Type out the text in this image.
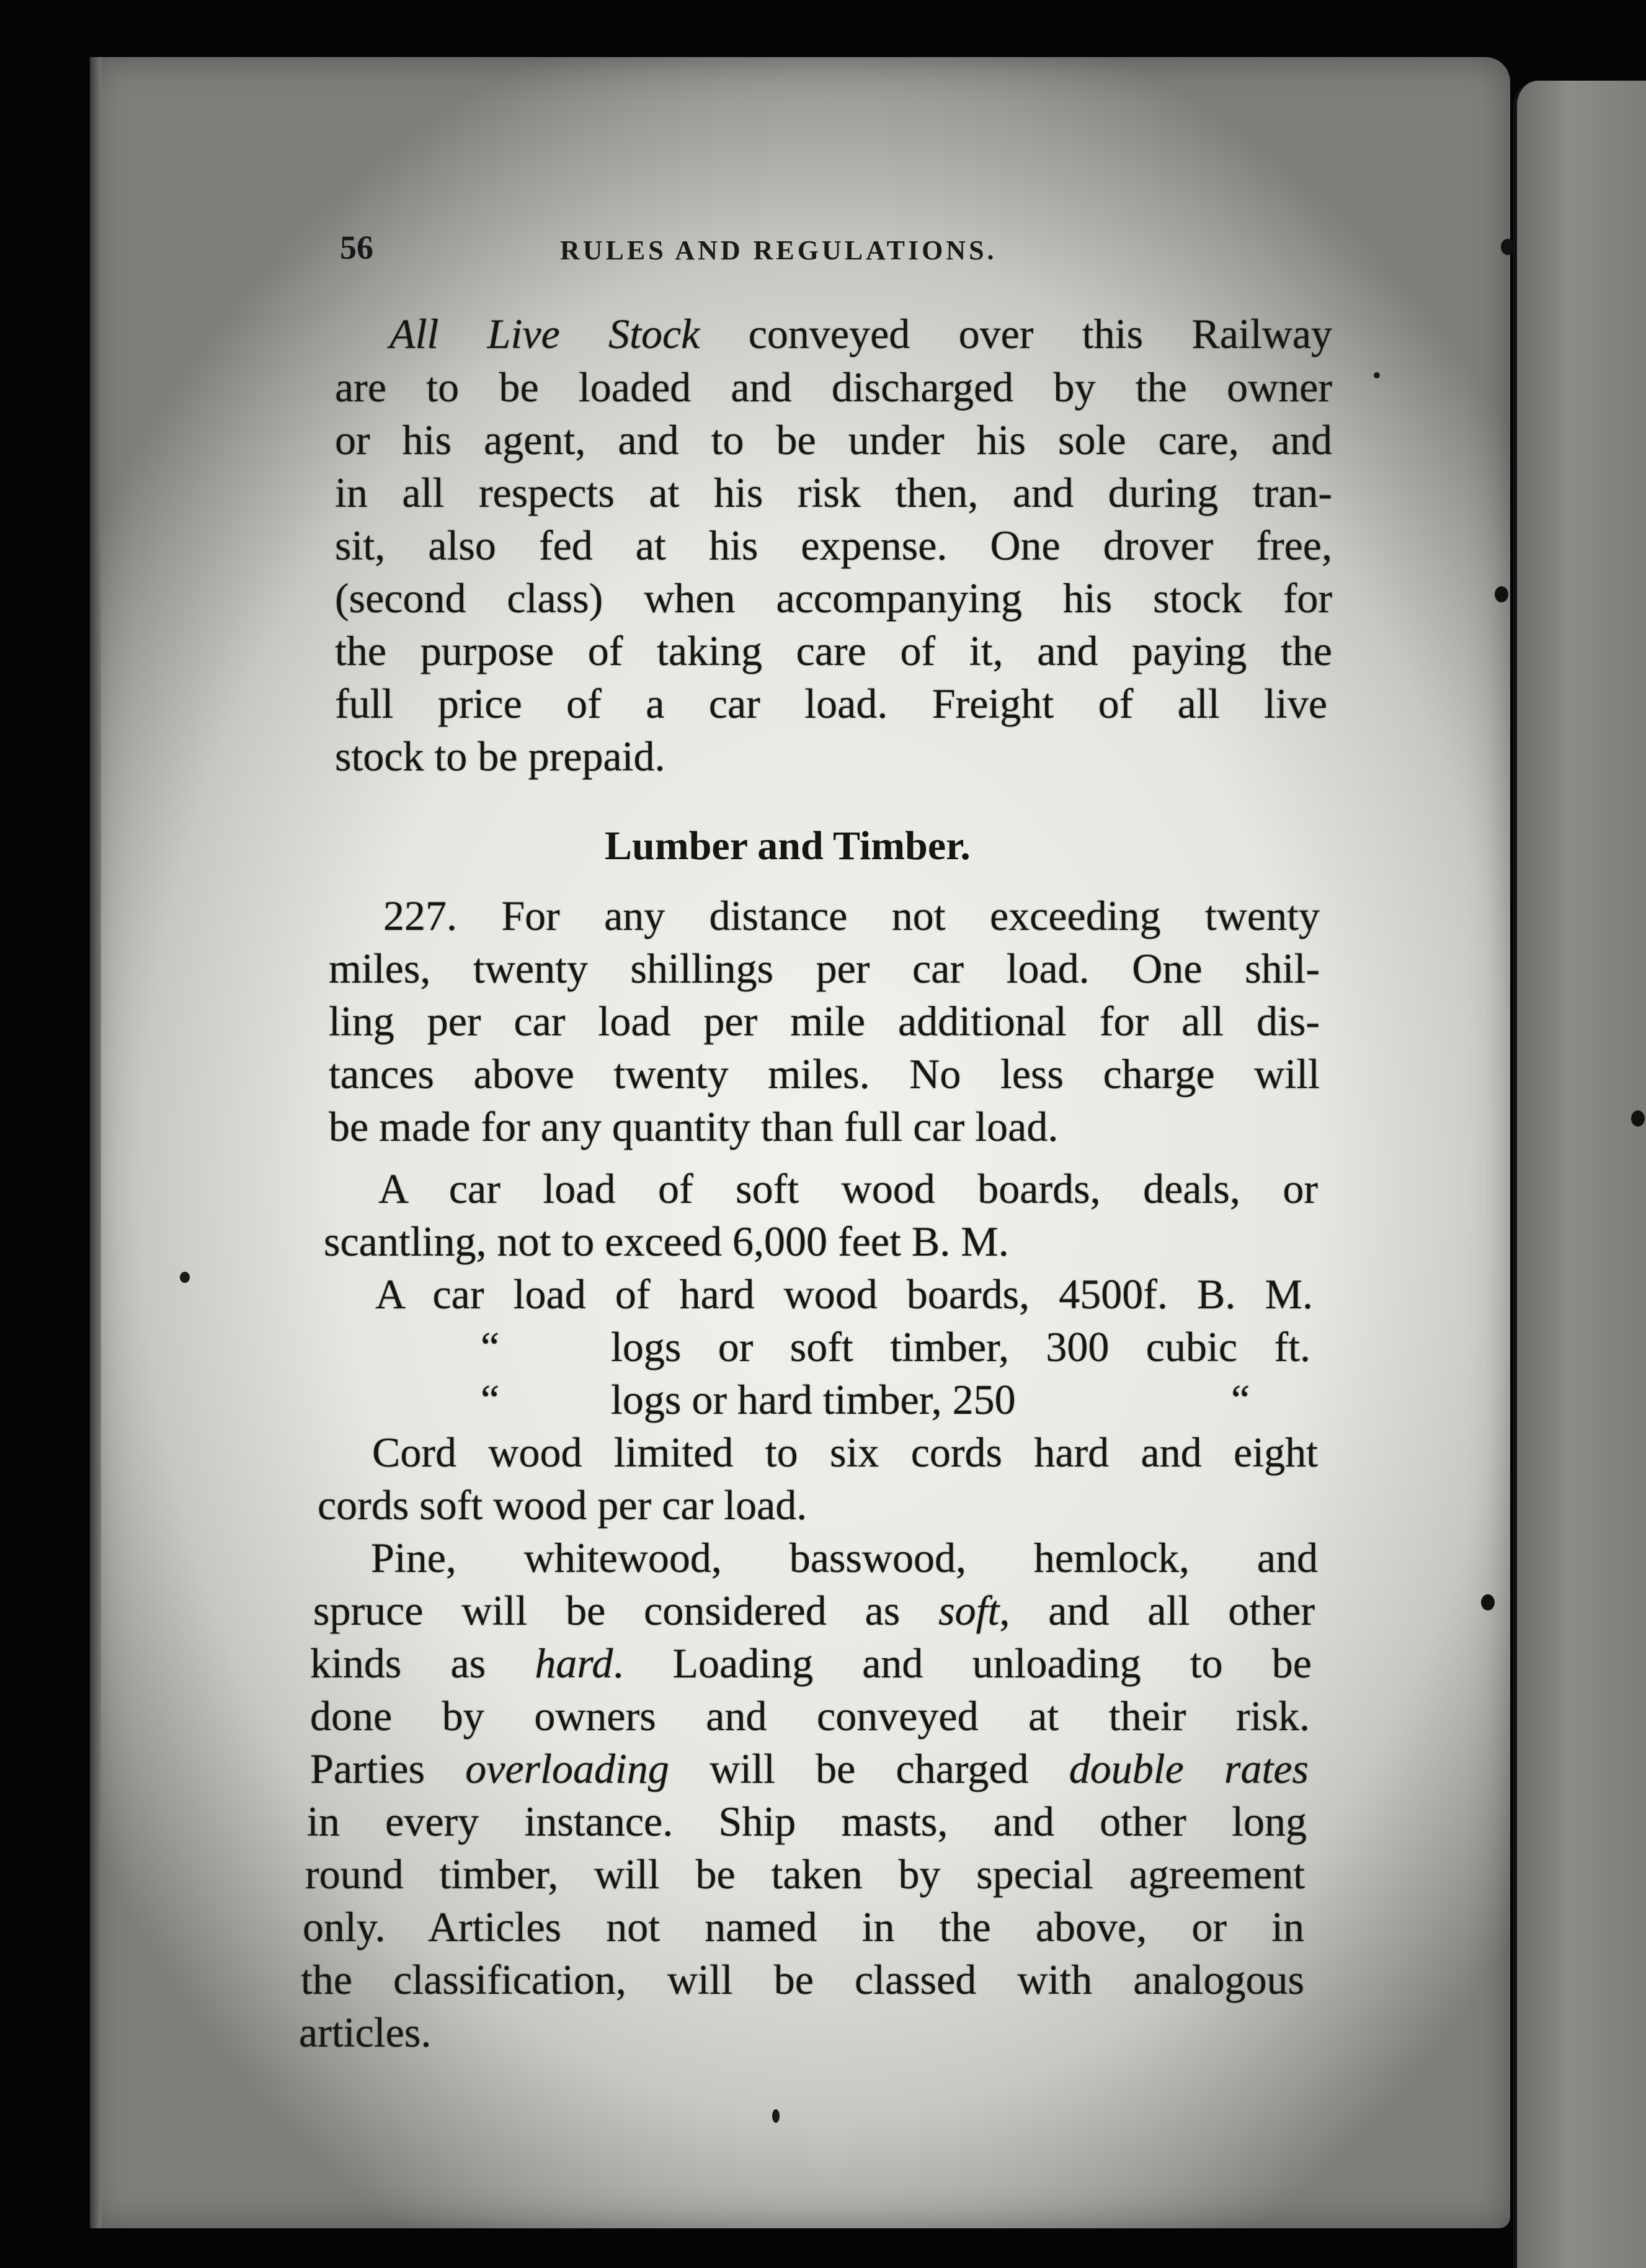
56	RULES AND REGULATIONS.
All Live Stock conveyed over this Railway
are to be loaded and discharged by the owner
or his agent, and to be under his sole care, and
in all respects at his risk then, and during tran-
sit, also fed at his expense. One drover free,
(second class) when accompanying his stock for
the purpose of taking care of it, and paying the
full price of a car load. Freight of all live
stock to be prepaid.
Lumber and Timber.
227. For any distance not exceeding twenty
miles, twenty shillings per car load. One shil-
ling per car load per mile additional for all dis-
tances above twenty miles. No less charge will
be made for any quantity than full car load.
A car load of soft wood boards, deals, or
scantling, not to exceed 6,000 feet B. M.
A car load of hard wood boards, 4500f. B. M.
“	logs or soft timber, 300 cubic ft.
“	logs or hard timber, 250	“
Cord wood limited to six cords hard and eight
cords soft wood per car load.
Pine, whitewood, basswood, hemlock, and
spruce will be considered as soft, and all other
kinds as hard. Loading and unloading to be
done by owners and conveyed at their risk.
Parties overloading will be charged double rates
in every instance. Ship masts, and other long
round timber, will be taken by special agreement
only. Articles not named in the above, or in
the classification, will be classed with analogous
articles.
